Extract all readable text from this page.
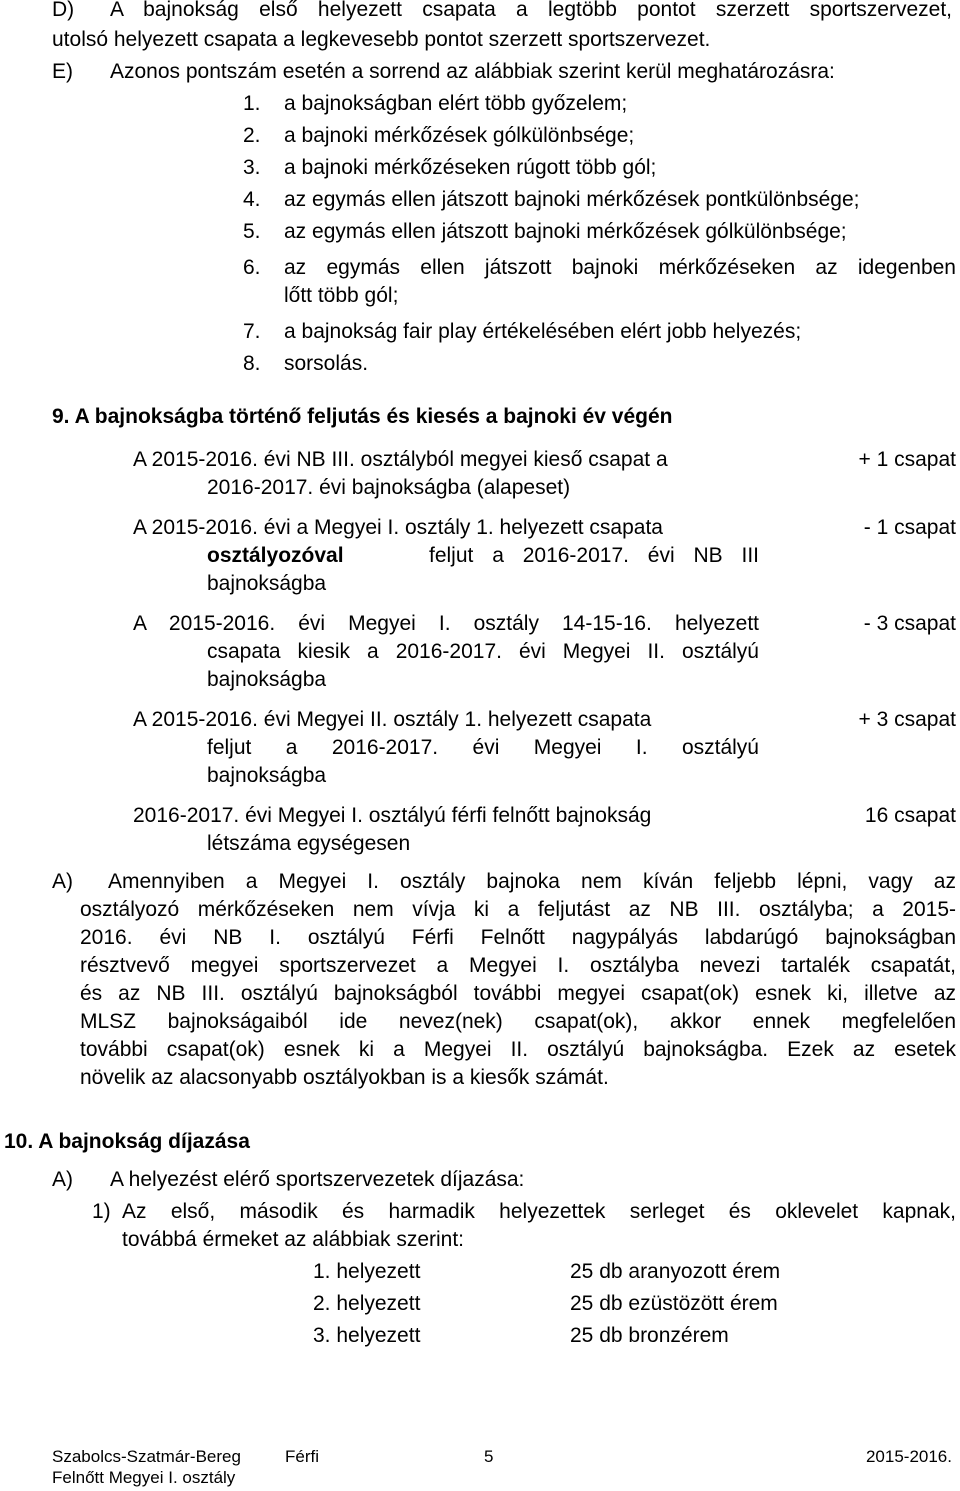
D) A bajnokság első helyezett csapata a legtöbb pontot szerzett sportszervezet,
utolsó helyezett csapata a legkevesebb pontot szerzett sportszervezet.
E) Azonos pontszám esetén a sorrend az alábbiak szerint kerül meghatározásra:
1. a bajnokságban elért több győzelem;
2. a bajnoki mérkőzések gólkülönbsége;
3. a bajnoki mérkőzéseken rúgott több gól;
4. az egymás ellen játszott bajnoki mérkőzések pontkülönbsége;
5. az egymás ellen játszott bajnoki mérkőzések gólkülönbsége;
6. az egymás ellen játszott bajnoki mérkőzéseken az idegenben
lőtt több gól;
7. a bajnokság fair play értékelésében elért jobb helyezés;
8. sorsolás.
9. A bajnokságba történő feljutás és kiesés a bajnoki év végén
A 2015-2016. évi NB III. osztályból megyei kieső csapat a
2016-2017. évi bajnokságba (alapeset)
+ 1 csapat
A 2015-2016. évi a Megyei I. osztály 1. helyezett csapata
osztályozóval	feljut a 2016-2017. évi NB III
bajnokságba
- 1 csapat
A 2015-2016. évi Megyei I. osztály 14-15-16. helyezett
csapata kiesik a 2016-2017. évi Megyei II. osztályú
bajnokságba
- 3 csapat
A 2015-2016. évi Megyei II. osztály 1. helyezett csapata
feljut a 2016-2017. évi Megyei I. osztályú
bajnokságba
+ 3 csapat
2016-2017. évi Megyei I. osztályú férfi felnőtt bajnokság
létszáma egységesen
16 csapat
A) Amennyiben a Megyei I. osztály bajnoka nem kíván feljebb lépni, vagy az
osztályozó mérkőzéseken nem vívja ki a feljutást az NB III. osztályba; a 2015-
2016. évi NB I. osztályú Férfi Felnőtt nagypályás labdarúgó bajnokságban
résztvevő megyei sportszervezet a Megyei I. osztályba nevezi tartalék csapatát,
és az NB III. osztályú bajnokságból további megyei csapat(ok) esnek ki, illetve az
MLSZ bajnokságaiból ide nevez(nek) csapat(ok), akkor ennek megfelelően
további csapat(ok) esnek ki a Megyei II. osztályú bajnokságba. Ezek az esetek
növelik az alacsonyabb osztályokban is a kiesők számát.
10. A bajnokság díjazása
A) A helyezést elérő sportszervezetek díjazása:
1) Az első, második és harmadik helyezettek serleget és oklevelet kapnak,
továbbá érmeket az alábbiak szerint:
1. helyezett	25 db aranyozott érem
2. helyezett	25 db ezüstözött érem
3. helyezett	25 db bronzérem
Szabolcs-Szatmár-Bereg
Felnőtt Megyei I. osztály
Férfi	5	2015-2016.
